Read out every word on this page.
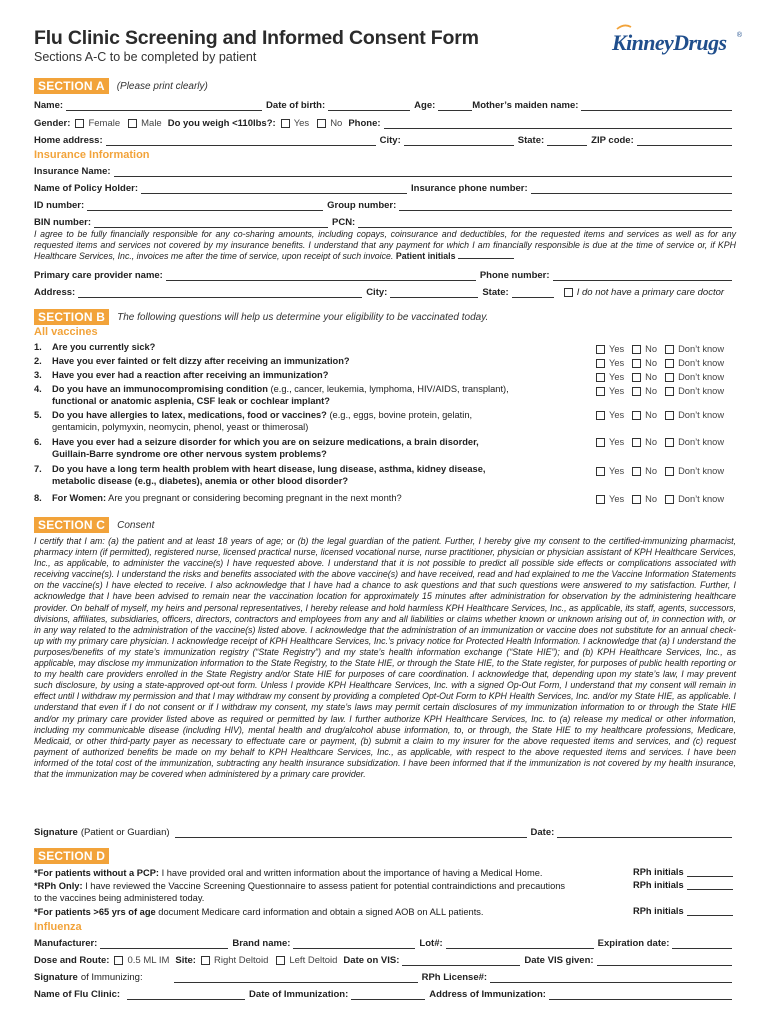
Flu Clinic Screening and Informed Consent Form
Sections A-C to be completed by patient
KinneyDrugs ®
SECTION A	(Please print clearly)
Name:	Date of birth:	Age:	Mother’s maiden name:
Gender:	Female Male Do you weigh <110lbs?:	Yes No Phone:
Home address:	City:	State:	ZIP code:
Insurance Information
Insurance Name:
Name of Policy Holder:	Insurance phone number:
ID number:	Group number:
BIN number:	PCN:
I agree to be fully financially responsible for any co-sharing amounts, including copays, coinsurance and deductibles, for the requested items and services as well as for any requested items and services not covered by my insurance benefits. I understand that any payment for which I am financially responsible is due at the time of service or, if KPH Healthcare Services, Inc., invoices me after the time of service, upon receipt of such invoice. Patient initials
Primary care provider name:	Phone number:
Address:	City:	State:	I do not have a primary care doctor
SECTION B	The following questions will help us determine your eligibility to be vaccinated today.
All vaccines
1. Are you currently sick?	Yes No Don’t know
2. Have you ever fainted or felt dizzy after receiving an immunization?	Yes No Don’t know
3. Have you ever had a reaction after receiving an immunization?	Yes No Don’t know
4. Do you have an immunocompromising condition (e.g., cancer, leukemia, lymphoma, HIV/AIDS, transplant),
functional or anatomic asplenia, CSF leak or cochlear implant?
Yes No Don’t know
5. Do you have allergies to latex, medications, food or vaccines? (e.g., eggs, bovine protein, gelatin,
gentamicin, polymyxin, neomycin, phenol, yeast or thimerosal)
Yes No Don’t know
6. Have you ever had a seizure disorder for which you are on seizure medications, a brain disorder,
Guillain-Barre syndrome ore other nervous system problems?
Yes No Don’t know
7. Do you have a long term health problem with heart disease, lung disease, asthma, kidney disease,
metabolic disease (e.g., diabetes), anemia or other blood disorder?
Yes No Don’t know
8. For Women: Are you pregnant or considering becoming pregnant in the next month?	Yes No Don’t know
SECTION C	Consent
I certify that I am: (a) the patient and at least 18 years of age; or (b) the legal guardian of the patient. Further, I hereby give my consent to the certified-immunizing pharmacist, pharmacy intern (if permitted), registered nurse, licensed practical nurse, licensed vocational nurse, nurse practitioner, physician or physician assistant of KPH Healthcare Services, Inc., as applicable, to administer the vaccine(s) I have requested above. I understand that it is not possible to predict all possible side effects or complications associated with receiving vaccine(s). I understand the risks and benefits associated with the above vaccine(s) and have received, read and had explained to me the Vaccine Information Statements on the vaccine(s) I have elected to receive. I also acknowledge that I have had a chance to ask questions and that such questions were answered to my satisfaction. Further, I acknowledge that I have been advised to remain near the vaccination location for approximately 15 minutes after administration for observation by the administering healthcare provider. On behalf of myself, my heirs and personal representatives, I hereby release and hold harmless KPH Healthcare Services, Inc., as applicable, its staff, agents, successors, divisions, affiliates, subsidiaries, officers, directors, contractors and employees from any and all liabilities or claims whether known or unknown arising out of, in connection with, or in any way related to the administration of the vaccine(s) listed above. I acknowledge that the administration of an immunization or vaccine does not substitute for an annual check-up with my primary care physician. I acknowledge receipt of KPH Healthcare Services, Inc.’s privacy notice for Protected Health Information. I acknowledge that (a) I understand the purposes/benefits of my state’s immunization registry (“State Registry”) and my state’s health information exchange (“State HIE”); and (b) KPH Healthcare Services, Inc., as applicable, may disclose my immunization information to the State Registry, to the State HIE, or through the State HIE, to the State register, for purposes of public health reporting or to my health care providers enrolled in the State Registry and/or State HIE for purposes of care coordination. I acknowledge that, depending upon my state’s law, I may prevent such disclosure, by using a state-approved opt-out form. Unless I provide KPH Healthcare Services, Inc. with a signed Op-Out Form, I understand that my consent will remain in effect until I withdraw my permission and that I may withdraw my consent by providing a completed Opt-Out Form to KPH Health Services, Inc. and/or my State HIE, as applicable. I understand that even if I do not consent or if I withdraw my consent, my state’s laws may permit certain disclosures of my immunization information to or through the State HIE and/or my primary care provider listed above as required or permitted by law. I further authorize KPH Healthcare Services, Inc. to (a) release my medical or other information, including my communicable disease (including HIV), mental health and drug/alcohol abuse information, to, or through, the State HIE to my healthcare professions, Medicare, Medicaid, or other third-party payer as necessary to effectuate care or payment, (b) submit a claim to my insurer for the above requested items and services, and (c) request payment of authorized benefits be made on my behalf to KPH Healthcare Services, Inc., as applicable, with respect to the above requested items and services. I have been informed of the total cost of the immunization, subtracting any health insurance subsidization. I have been informed that if the immunization is not covered by my health insurance, that the immunization may be covered when administered by a primary care provider.
Signature (Patient or Guardian)	Date:
SECTION D
*For patients without a PCP: I have provided oral and written information about the importance of having a Medical Home.	RPh initials
*RPh Only: I have reviewed the Vaccine Screening Questionnaire to assess patient for potential contraindictions and precautions
to the vaccines being administered today.
RPh initials
*For patients >65 yrs of age document Medicare card information and obtain a signed AOB on ALL patients.	RPh initials
Influenza
Manufacturer:	Brand name:	Lot#:	Expiration date:
Dose and Route:	0.5 ML IM Site:	Right Deltoid Left Deltoid Date on VIS:	Date VIS given:
Signature of Immunizing:	RPh License#:
Name of Flu Clinic:	Date of Immunization:	Address of Immunization:
